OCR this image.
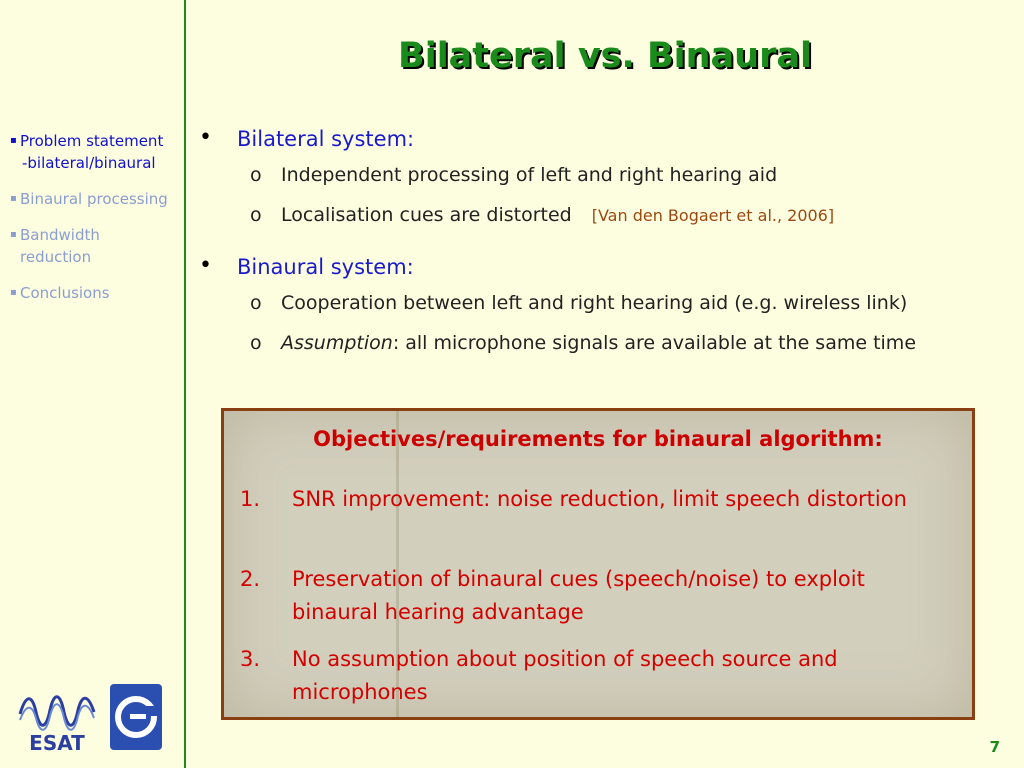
Bilateral vs. Binaural
▪ Problem statement
-bilateral/binaural
▪ Binaural processing
▪ Bandwidth
reduction
▪ Conclusions
• Bilateral system:
o Independent processing of left and right hearing aid
o Localisation cues are distorted [Van den Bogaert et al., 2006]
• Binaural system:
o Cooperation between left and right hearing aid (e.g. wireless link)
o Assumption: all microphone signals are available at the same time
Objectives/requirements for binaural algorithm:
1. SNR improvement: noise reduction, limit speech distortion
2. Preservation of binaural cues (speech/noise) to exploit binaural hearing advantage
3. No assumption about position of speech source and microphones
ESAT	7
